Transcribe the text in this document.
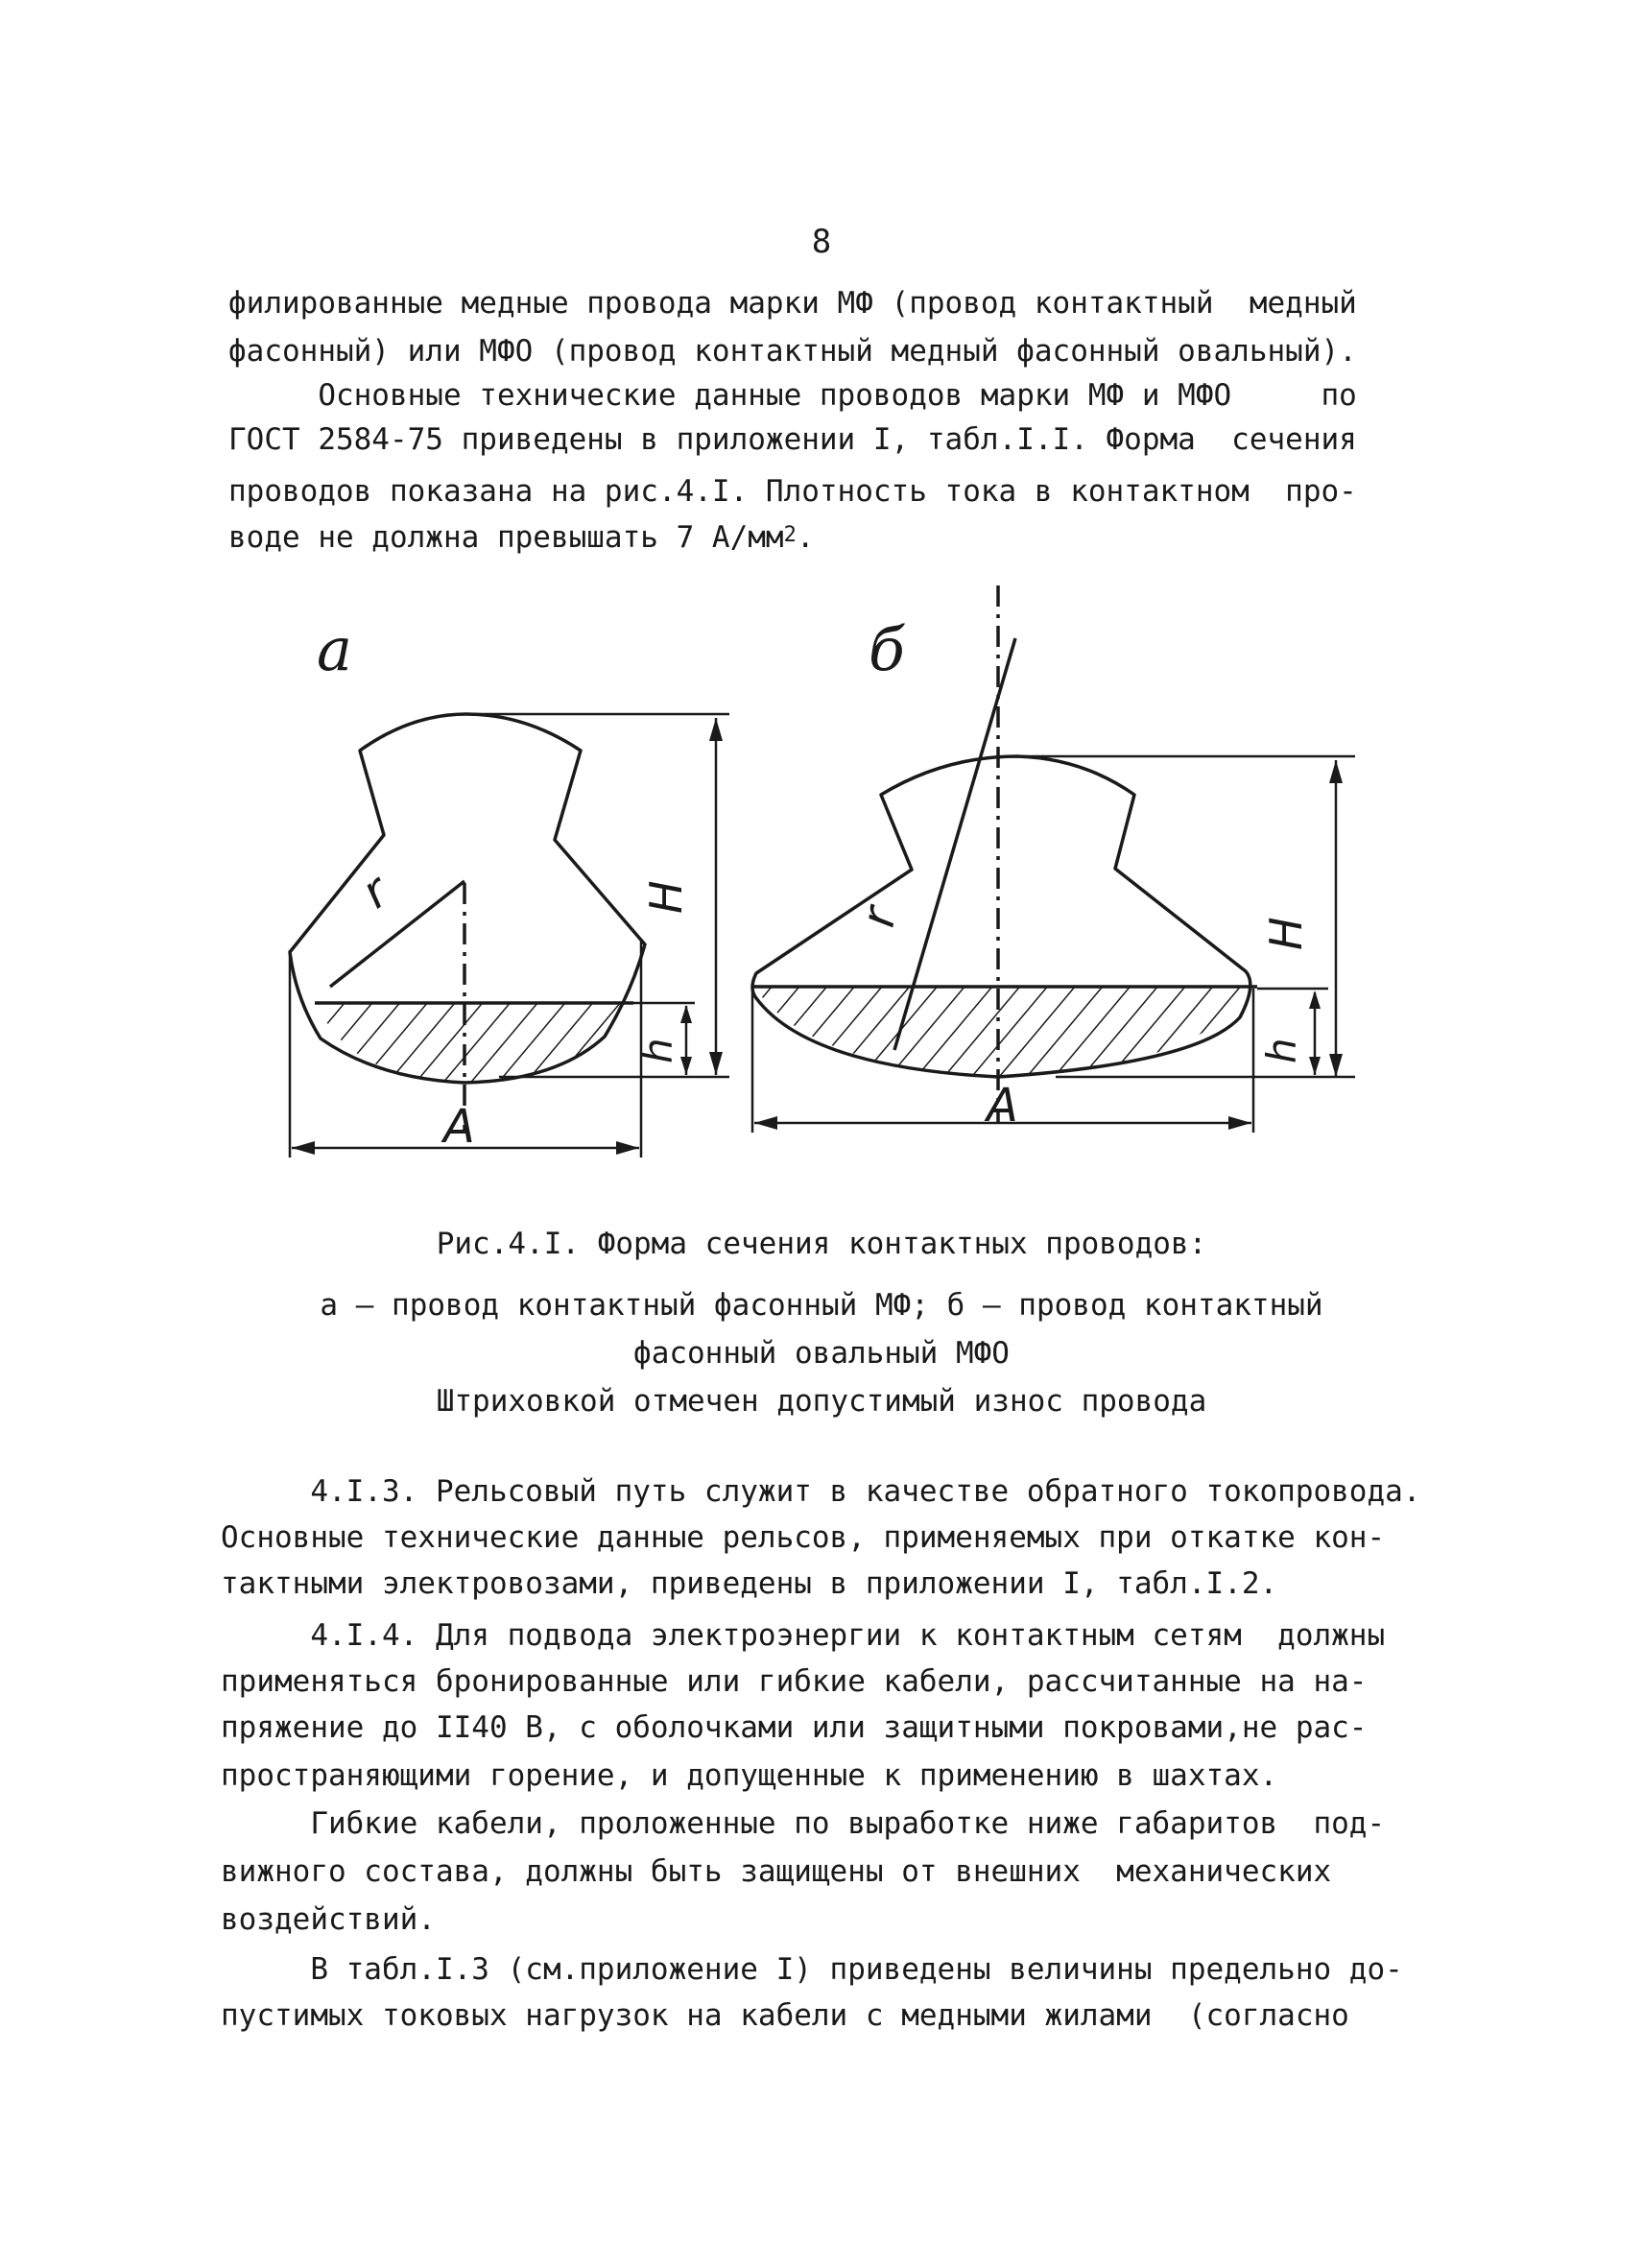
8
филированные медные провода марки МФ (провод контактный  медный
фасонный) или МФО (провод контактный медный фасонный овальный).
Основные технические данные проводов марки МФ и МФО     по
ГОСТ 2584-75 приведены в приложении I, табл.I.I. Форма  сечения
проводов показана на рис.4.I. Плотность тока в контактном  про-
воде не должна превышать 7 $А/мм^2$.
а	б
r	H
h
A
r	H
h
A
Рис.4.I. Форма сечения контактных проводов:
а – провод контактный фасонный МФ; б – провод контактный
фасонный овальный МФО
Штриховкой отмечен допустимый износ провода
4.I.3. Рельсовый путь служит в качестве обратного токопровода.
Основные технические данные рельсов, применяемых при откатке кон-
тактными электровозами, приведены в приложении I, табл.I.2.
4.I.4. Для подвода электроэнергии к контактным сетям  должны
применяться бронированные или гибкие кабели, рассчитанные на на-
пряжение до II40 В, с оболочками или защитными покровами,не рас-
пространяющими горение, и допущенные к применению в шахтах.
Гибкие кабели, проложенные по выработке ниже габаритов  под-
вижного состава, должны быть защищены от внешних  механических
воздействий.
В табл.I.3 (см.приложение I) приведены величины предельно до-
пустимых токовых нагрузок на кабели с медными жилами  (согласно
